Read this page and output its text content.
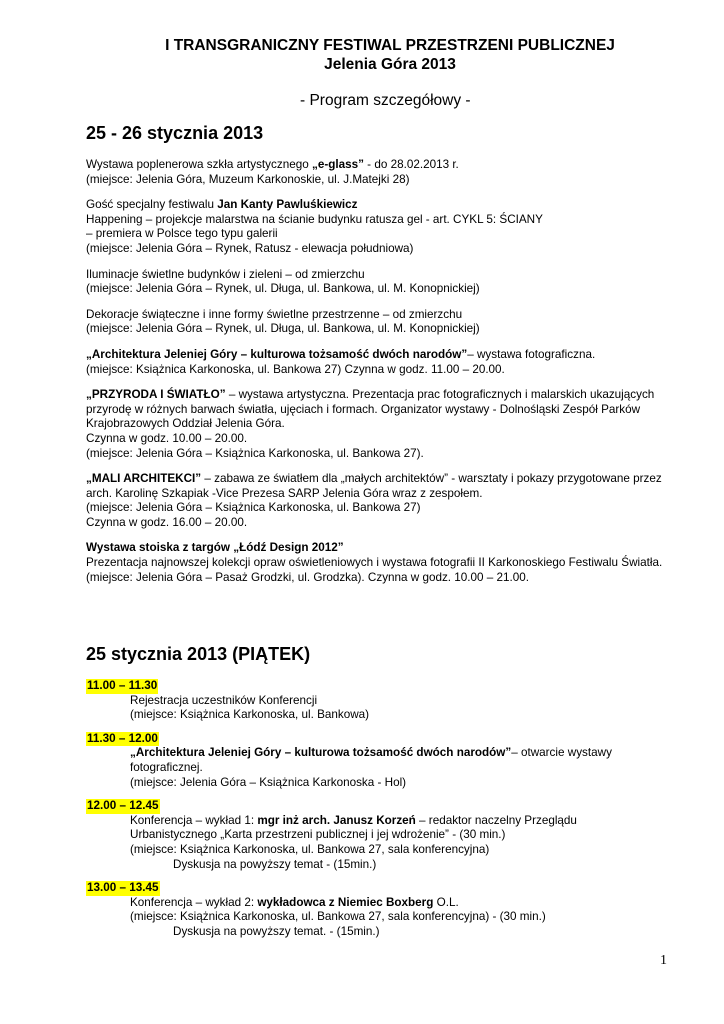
I TRANSGRANICZNY FESTIWAL PRZESTRZENI PUBLICZNEJ
Jelenia Góra 2013
- Program szczegółowy -
25 - 26 stycznia 2013

Wystawa poplenerowa szkła artystycznego „e-glass” - do 28.02.2013 r.
(miejsce: Jelenia Góra, Muzeum Karkonoskie, ul. J.Matejki 28)

Gość specjalny festiwalu Jan Kanty Pawluśkiewicz
Happening – projekcje malarstwa na ścianie budynku ratusza gel - art. CYKL 5: ŚCIANY
– premiera w Polsce tego typu galerii
(miejsce: Jelenia Góra – Rynek, Ratusz - elewacja południowa)

Iluminacje świetlne budynków i zieleni – od zmierzchu
(miejsce: Jelenia Góra – Rynek, ul. Długa, ul. Bankowa, ul. M. Konopnickiej)

Dekoracje świąteczne i inne formy świetlne przestrzenne – od zmierzchu
(miejsce: Jelenia Góra – Rynek, ul. Długa, ul. Bankowa, ul. M. Konopnickiej)

„Architektura Jeleniej Góry – kulturowa tożsamość dwóch narodów”– wystawa fotograficzna.
(miejsce: Książnica Karkonoska, ul. Bankowa 27) Czynna w godz. 11.00 – 20.00.

„PRZYRODA I ŚWIATŁO” – wystawa artystyczna. Prezentacja prac fotograficznych i malarskich ukazujących
przyrodę w różnych barwach światła, ujęciach i formach. Organizator wystawy - Dolnośląski Zespół Parków
Krajobrazowych Oddział Jelenia Góra.
Czynna w godz. 10.00 – 20.00.
(miejsce: Jelenia Góra – Książnica Karkonoska, ul. Bankowa 27).

„MALI ARCHITEKCI” – zabawa ze światłem dla „małych architektów” - warsztaty i pokazy przygotowane przez
arch. Karolinę Szkapiak -Vice Prezesa SARP Jelenia Góra wraz z zespołem.
(miejsce: Jelenia Góra – Książnica Karkonoska, ul. Bankowa 27)
Czynna w godz. 16.00 – 20.00.

Wystawa stoiska z targów „Łódź Design 2012”
Prezentacja najnowszej kolekcji opraw oświetleniowych i wystawa fotografii II Karkonoskiego Festiwalu Światła.
(miejsce: Jelenia Góra – Pasaż Grodzki, ul. Grodzka). Czynna w godz. 10.00 – 21.00.

25 stycznia 2013 (PIĄTEK)
11.00 – 11.30
Rejestracja uczestników Konferencji
(miejsce: Książnica Karkonoska, ul. Bankowa)
11.30 – 12.00
„Architektura Jeleniej Góry – kulturowa tożsamość dwóch narodów”– otwarcie wystawy
fotograficznej.
(miejsce: Jelenia Góra – Książnica Karkonoska - Hol)
12.00 – 12.45
Konferencja – wykład 1: mgr inż arch. Janusz Korzeń – redaktor naczelny Przeglądu
Urbanistycznego „Karta przestrzeni publicznej i jej wdrożenie” - (30 min.)
(miejsce: Książnica Karkonoska, ul. Bankowa 27, sala konferencyjna)
Dyskusja na powyższy temat - (15min.)
13.00 – 13.45
Konferencja – wykład 2: wykładowca z Niemiec Boxberg O.L.
(miejsce: Książnica Karkonoska, ul. Bankowa 27, sala konferencyjna) - (30 min.)
Dyskusja na powyższy temat. - (15min.)
1
